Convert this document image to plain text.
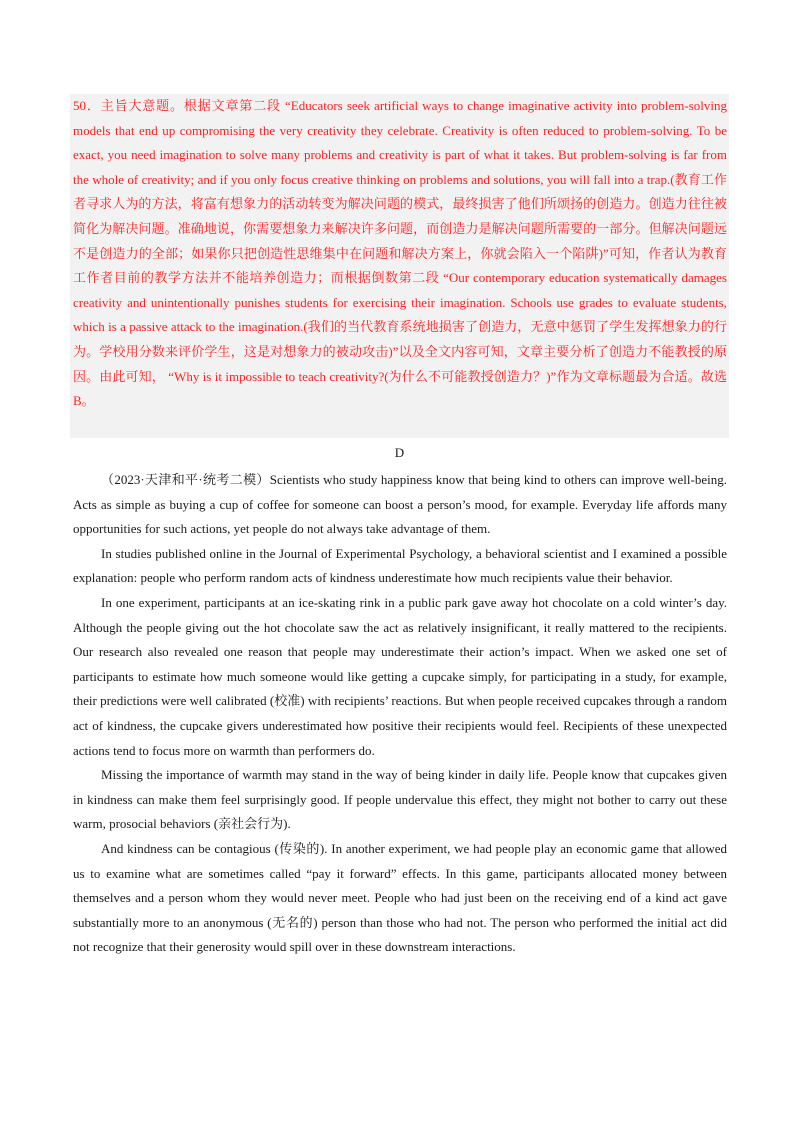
50．主旨大意题。根据文章第二段 “Educators seek artificial ways to change imaginative activity into problem-solving models that end up compromising the very creativity they celebrate. Creativity is often reduced to problem-solving. To be exact, you need imagination to solve many problems and creativity is part of what it takes. But problem-solving is far from the whole of creativity; and if you only focus creative thinking on problems and solutions, you will fall into a trap.(教育工作者寻求人为的方法，将富有想象力的活动转变为解决问题的模式，最终损害了他们所颂扬的创造力。创造力往往被简化为解决问题。准确地说，你需要想象力来解决许多问题，而创造力是解决问题所需要的一部分。但解决问题远不是创造力的全部；如果你只把创造性思维集中在问题和解决方案上，你就会陷入一个陷阱)”可知，作者认为教育工作者目前的教学方法并不能培养创造力；而根据倒数第二段 “Our contemporary education systematically damages creativity and unintentionally punishes students for exercising their imagination. Schools use grades to evaluate students, which is a passive attack to the imagination.(我们的当代教育系统地损害了创造力，无意中惩罚了学生发挥想象力的行为。学校用分数来评价学生，这是对想象力的被动攻击)”以及全文内容可知，文章主要分析了创造力不能教授的原因。由此可知， “Why is it impossible to teach creativity?(为什么不可能教授创造力？)”作为文章标题最为合适。故选B。

D

（2023·天津和平·统考二模）Scientists who study happiness know that being kind to others can improve well-being. Acts as simple as buying a cup of coffee for someone can boost a person’s mood, for example. Everyday life affords many opportunities for such actions, yet people do not always take advantage of them.

In studies published online in the Journal of Experimental Psychology, a behavioral scientist and I examined a possible explanation: people who perform random acts of kindness underestimate how much recipients value their behavior.

In one experiment, participants at an ice-skating rink in a public park gave away hot chocolate on a cold winter’s day. Although the people giving out the hot chocolate saw the act as relatively insignificant, it really mattered to the recipients. Our research also revealed one reason that people may underestimate their action’s impact. When we asked one set of participants to estimate how much someone would like getting a cupcake simply, for participating in a study, for example, their predictions were well calibrated (校准) with recipients’ reactions. But when people received cupcakes through a random act of kindness, the cupcake givers underestimated how positive their recipients would feel. Recipients of these unexpected actions tend to focus more on warmth than performers do.

Missing the importance of warmth may stand in the way of being kinder in daily life. People know that cupcakes given in kindness can make them feel surprisingly good. If people undervalue this effect, they might not bother to carry out these warm, prosocial behaviors (亲社会行为).

And kindness can be contagious (传染的). In another experiment, we had people play an economic game that allowed us to examine what are sometimes called “pay it forward” effects. In this game, participants allocated money between themselves and a person whom they would never meet. People who had just been on the receiving end of a kind act gave substantially more to an anonymous (无名的) person than those who had not. The person who performed the initial act did not recognize that their generosity would spill over in these downstream interactions.
